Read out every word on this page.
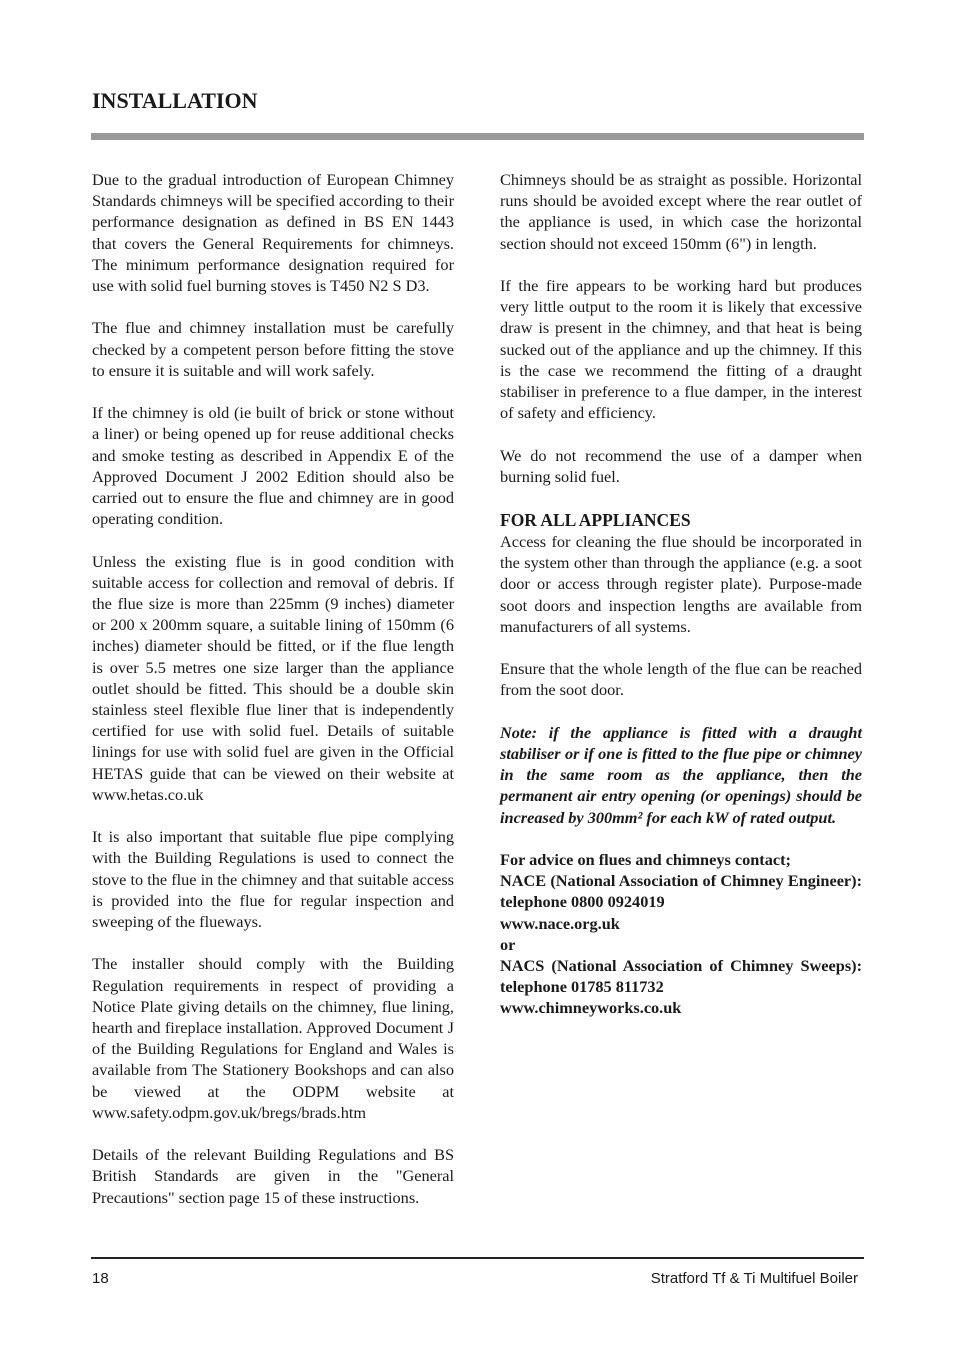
INSTALLATION

Due to the gradual introduction of European Chimney Standards chimneys will be specified according to their performance designation as defined in BS EN 1443 that covers the General Requirements for chimneys. The minimum performance designation required for use with solid fuel burning stoves is T450 N2 S D3.

The flue and chimney installation must be carefully checked by a competent person before fitting the stove to ensure it is suitable and will work safely.

If the chimney is old (ie built of brick or stone without a liner) or being opened up for reuse additional checks and smoke testing as described in Appendix E of the Approved Document J 2002 Edition should also be carried out to ensure the flue and chimney are in good operating condition.

Unless the existing flue is in good condition with suitable access for collection and removal of debris. If the flue size is more than 225mm (9 inches) diameter or 200 x 200mm square, a suitable lining of 150mm (6 inches) diameter should be fitted, or if the flue length is over 5.5 metres one size larger than the appliance outlet should be fitted. This should be a double skin stainless steel flexible flue liner that is independently certified for use with solid fuel. Details of suitable linings for use with solid fuel are given in the Official HETAS guide that can be viewed on their website at www.hetas.co.uk

It is also important that suitable flue pipe complying with the Building Regulations is used to connect the stove to the flue in the chimney and that suitable access is provided into the flue for regular inspection and sweeping of the flueways.

The installer should comply with the Building Regulation requirements in respect of providing a Notice Plate giving details on the chimney, flue lining, hearth and fireplace installation. Approved Document J of the Building Regulations for England and Wales is available from The Stationery Bookshops and can also be viewed at the ODPM website at www.safety.odpm.gov.uk/bregs/brads.htm

Details of the relevant Building Regulations and BS British Standards are given in the "General Precautions" section page 15 of these instructions.

Chimneys should be as straight as possible. Horizontal runs should be avoided except where the rear outlet of the appliance is used, in which case the horizontal section should not exceed 150mm (6") in length.

If the fire appears to be working hard but produces very little output to the room it is likely that excessive draw is present in the chimney, and that heat is being sucked out of the appliance and up the chimney. If this is the case we recommend the fitting of a draught stabiliser in preference to a flue damper, in the interest of safety and efficiency.

We do not recommend the use of a damper when burning solid fuel.

FOR ALL APPLIANCES

Access for cleaning the flue should be incorporated in the system other than through the appliance (e.g. a soot door or access through register plate). Purpose-made soot doors and inspection lengths are available from manufacturers of all systems.

Ensure that the whole length of the flue can be reached from the soot door.

Note: if the appliance is fitted with a draught stabiliser or if one is fitted to the flue pipe or chimney in the same room as the appliance, then the permanent air entry opening (or openings) should be increased by 300mm² for each kW of rated output.

For advice on flues and chimneys contact;
NACE (National Association of Chimney Engineer): telephone 0800 0924019
www.nace.org.uk
or
NACS (National Association of Chimney Sweeps): telephone 01785 811732
www.chimneyworks.co.uk
18	Stratford Tf & Ti Multifuel Boiler
